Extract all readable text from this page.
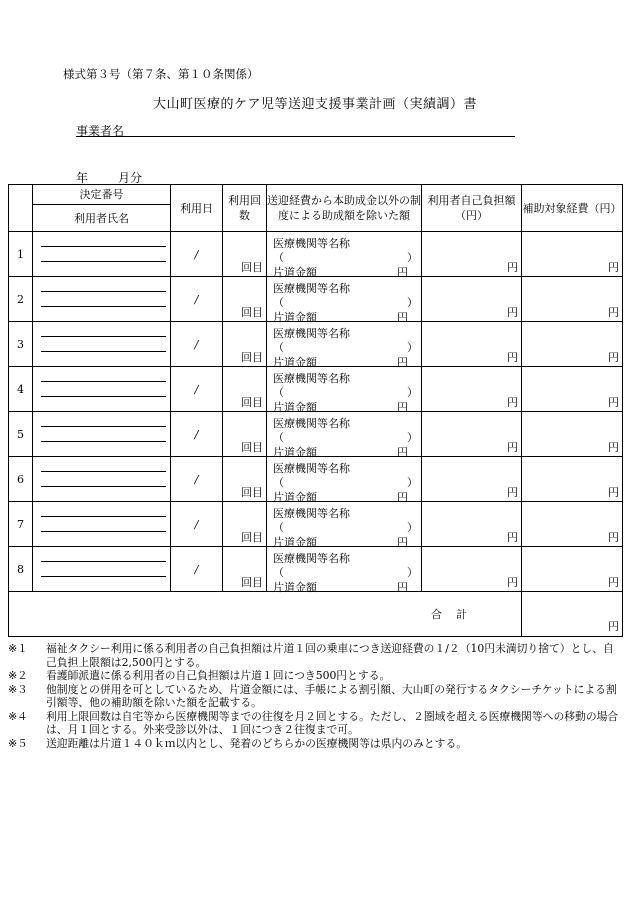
様式第３号（第７条、第１０条関係）
大山町医療的ケア児等送迎支援事業計画（実績調）書
事業者名
年	月分
	決定番号	利用日	利用回数	送迎経費から本助成金以外の制度による助成額を除いた額	利用者自己負担額（円）	補助対象経費（円）
	利用者氏名					
1		/	回目	医療機関等名称
（ ）
片道金額 円	円	円
2		/	回目	医療機関等名称
（ ）
片道金額 円	円	円
3		/	回目	医療機関等名称
（ ）
片道金額 円	円	円
4		/	回目	医療機関等名称
（ ）
片道金額 円	円	円
5		/	回目	医療機関等名称
（ ）
片道金額 円	円	円
6		/	回目	医療機関等名称
（ ）
片道金額 円	円	円
7		/	回目	医療機関等名称
（ ）
片道金額 円	円	円
8		/	回目	医療機関等名称
（ ）
片道金額 円	円	円
合計						円
※１	福祉タクシー利用に係る利用者の自己負担額は片道１回の乗車につき送迎経費の１/２（10円未満切り捨て）とし、自己負担上限額は2,500円とする。
※２	看護師派遣に係る利用者の自己負担額は片道１回につき500円とする。
※３	他制度との併用を可としているため、片道金額には、手帳による割引額、大山町の発行するタクシーチケットによる割引額等、他の補助額を除いた額を記載する。
※４	利用上限回数は自宅等から医療機関等までの往復を月２回とする。ただし、２圏域を超える医療機関等への移動の場合は、月１回とする。外来受診以外は、１回につき２往復まで可。
※５	送迎距離は片道１４０ｋｍ以内とし、発着のどちらかの医療機関等は県内のみとする。
